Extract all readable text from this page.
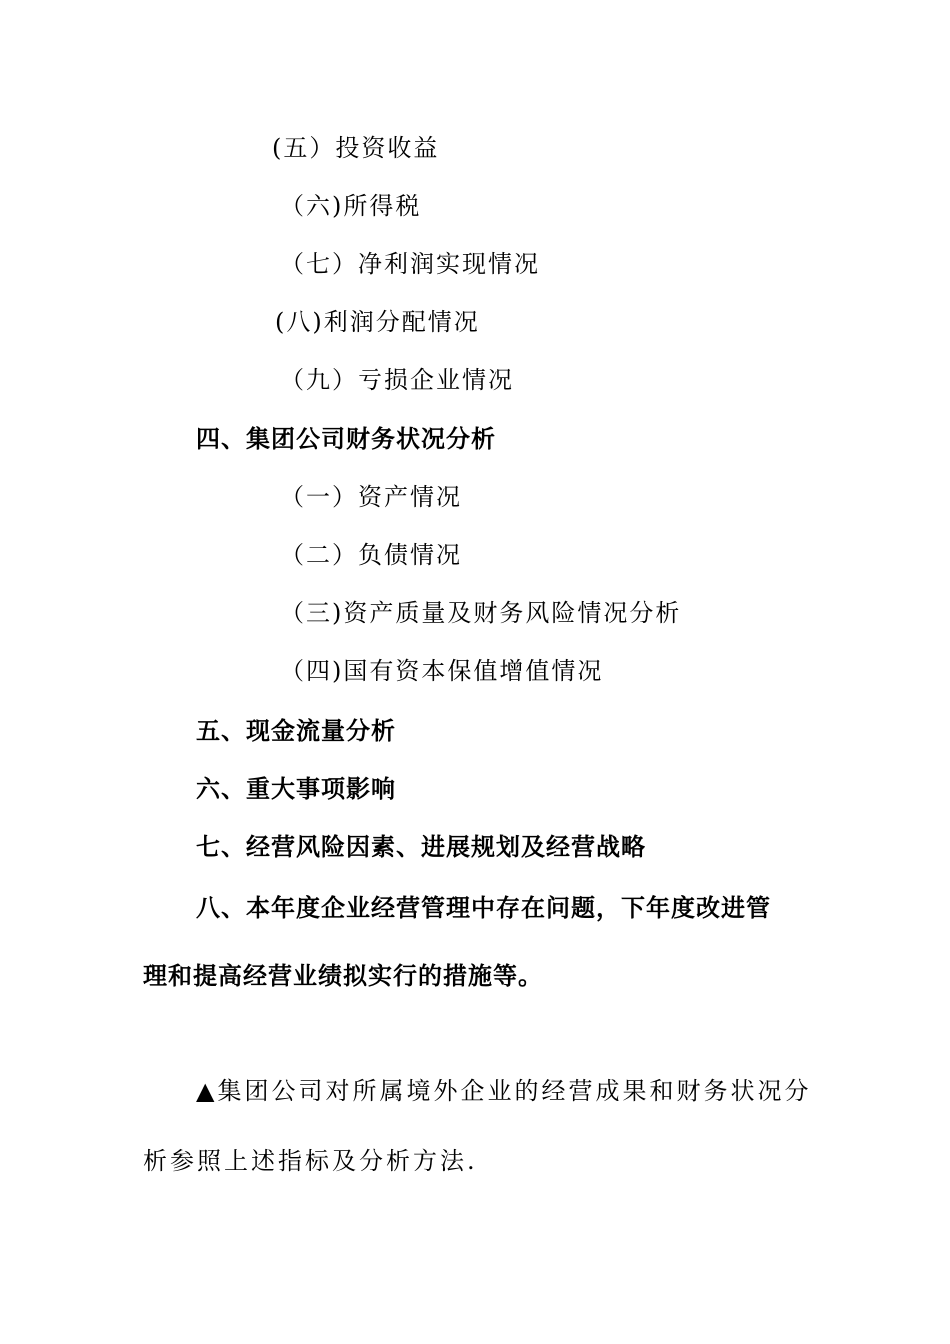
(五）投资收益
（六)所得税
（七）净利润实现情况
(八)利润分配情况
（九）亏损企业情况
四、集团公司财务状况分析
（一）资产情况
（二）负债情况
（三)资产质量及财务风险情况分析
（四)国有资本保值增值情况
五、现金流量分析
六、重大事项影响
七、经营风险因素、进展规划及经营战略
八、本年度企业经营管理中存在问题，下年度改进管
理和提高经营业绩拟实行的措施等。
▲集团公司对所属境外企业的经营成果和财务状况分
析参照上述指标及分析方法.
